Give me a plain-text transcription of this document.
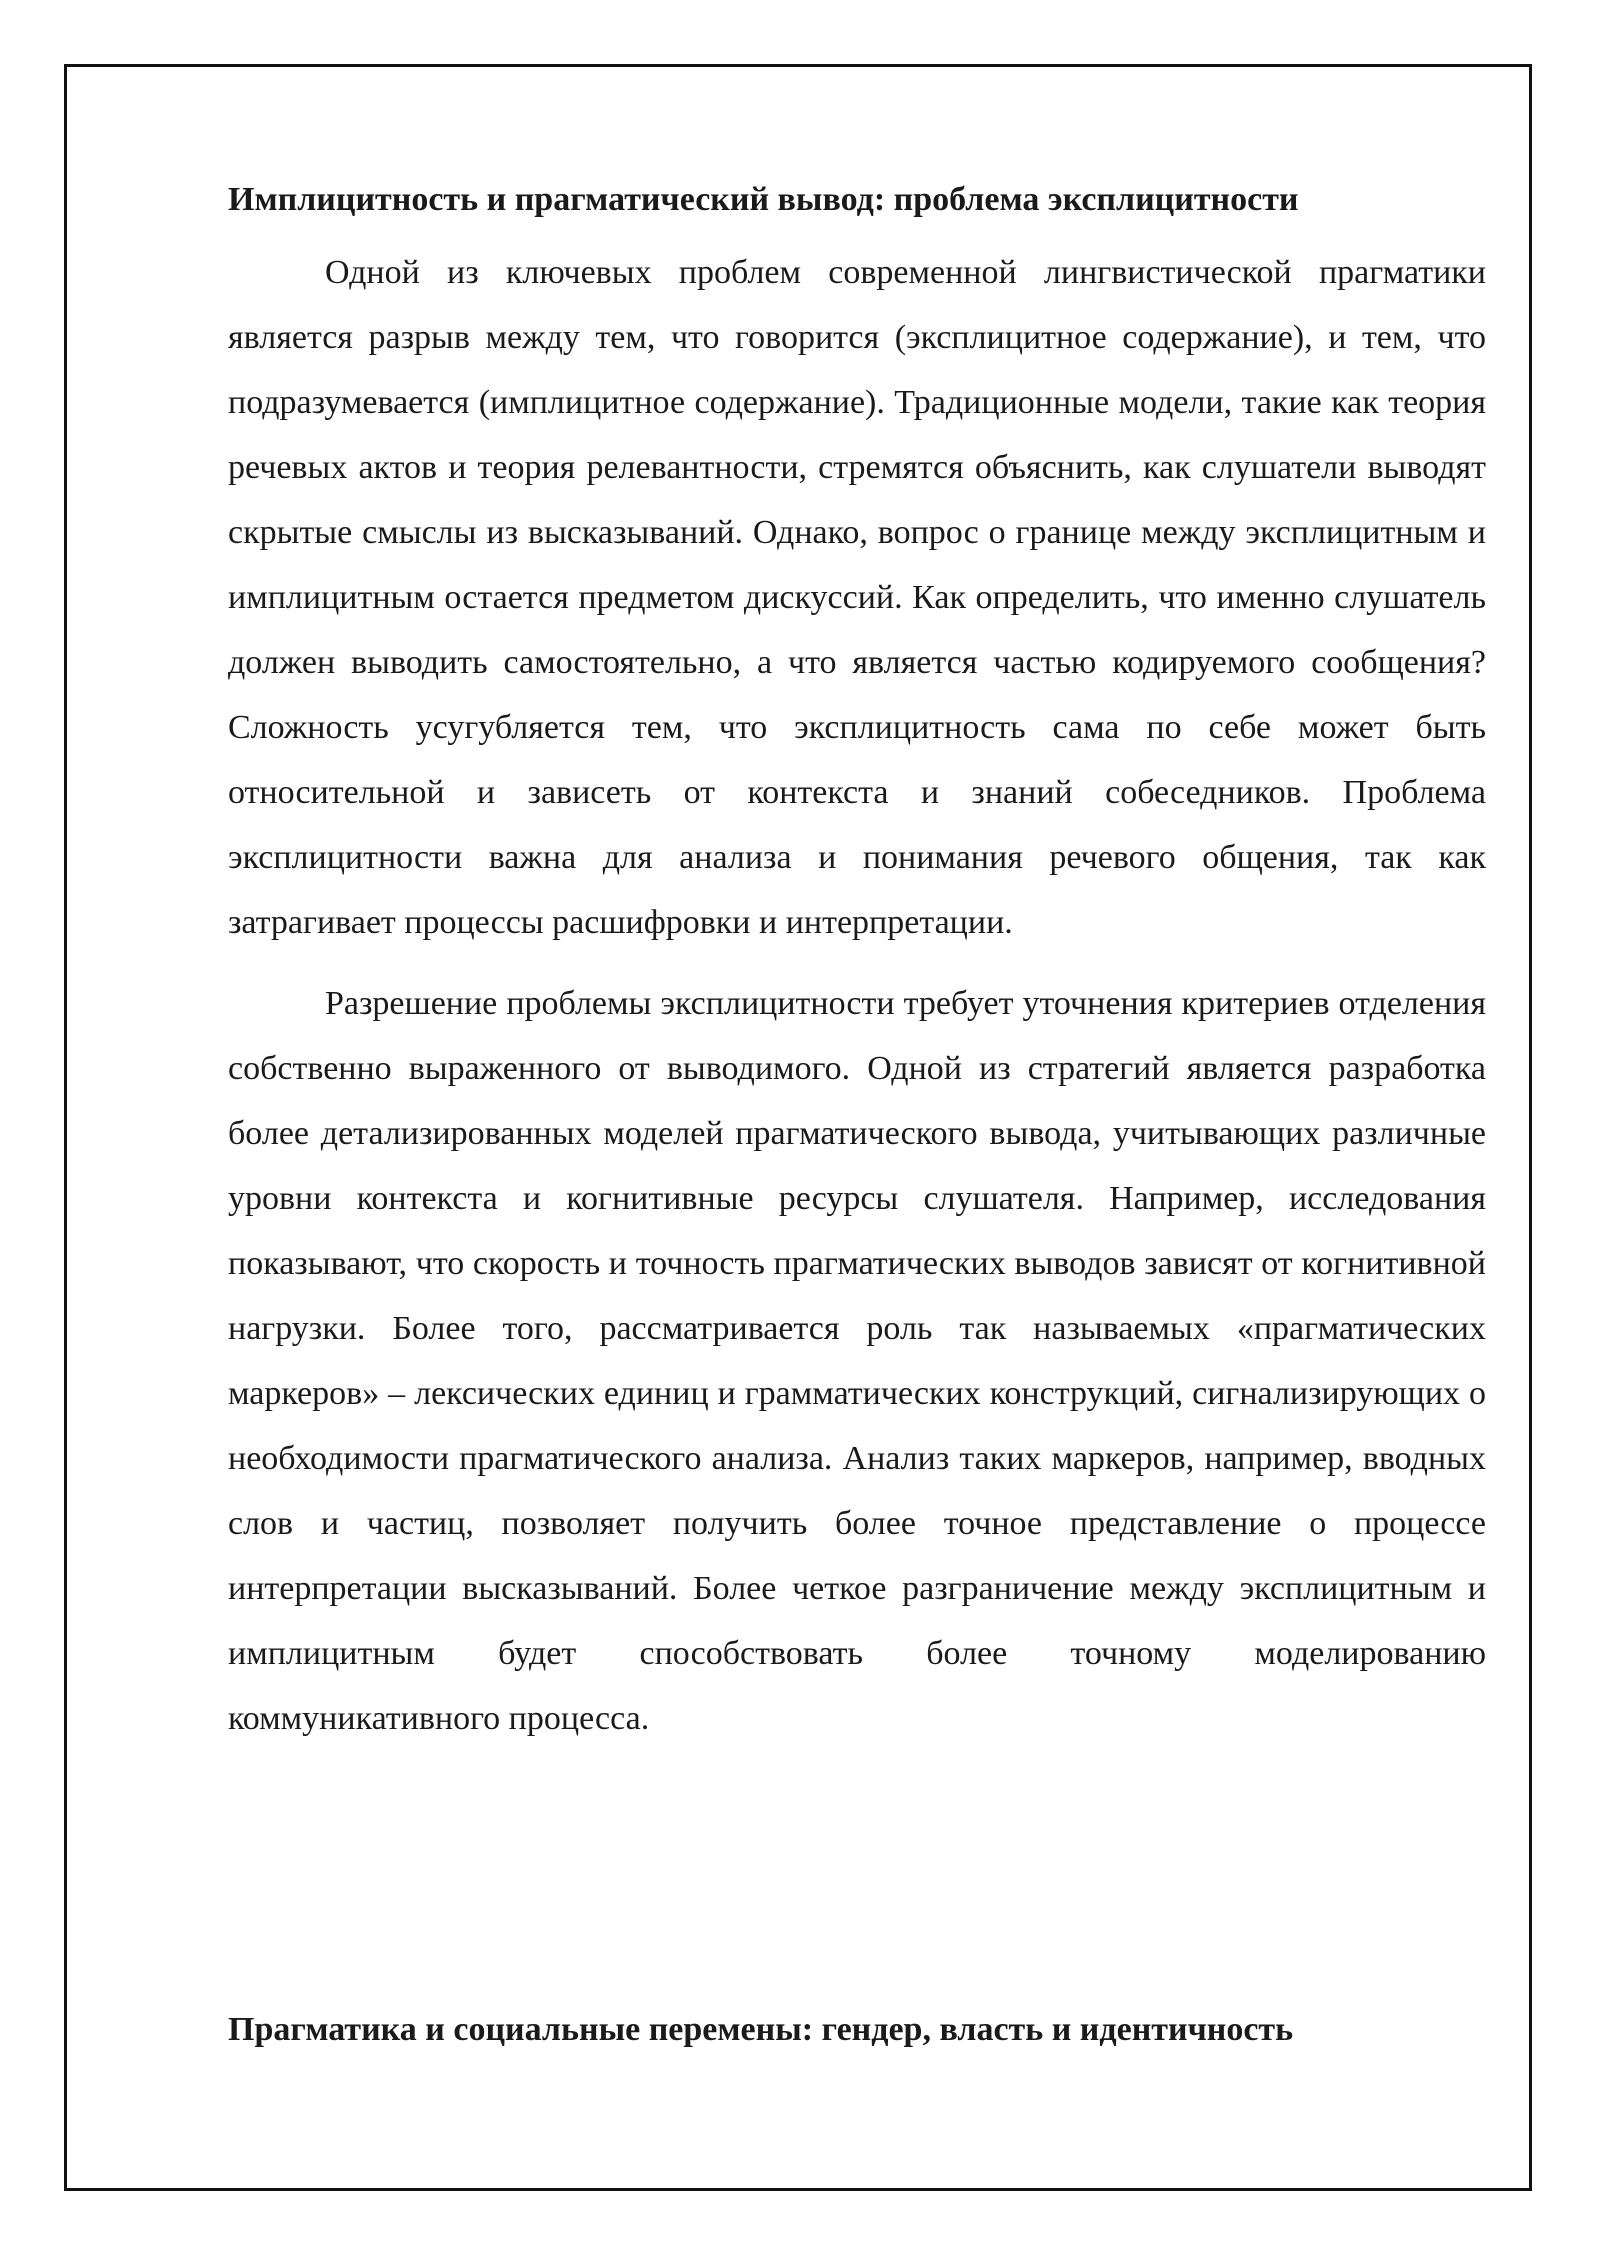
Имплицитность и прагматический вывод: проблема эксплицитности

Одной из ключевых проблем современной лингвистической прагматики является разрыв между тем, что говорится (эксплицитное содержание), и тем, что подразумевается (имплицитное содержание). Традиционные модели, такие как теория речевых актов и теория релевантности, стремятся объяснить, как слушатели выводят скрытые смыслы из высказываний. Однако, вопрос о границе между эксплицитным и имплицитным остается предметом дискуссий. Как определить, что именно слушатель должен выводить самостоятельно, а что является частью кодируемого сообщения? Сложность усугубляется тем, что эксплицитность сама по себе может быть относительной и зависеть от контекста и знаний собеседников. Проблема эксплицитности важна для анализа и понимания речевого общения, так как затрагивает процессы расшифровки и интерпретации.

Разрешение проблемы эксплицитности требует уточнения критериев отделения собственно выраженного от выводимого. Одной из стратегий является разработка более детализированных моделей прагматического вывода, учитывающих различные уровни контекста и когнитивные ресурсы слушателя. Например, исследования показывают, что скорость и точность прагматических выводов зависят от когнитивной нагрузки. Более того, рассматривается роль так называемых «прагматических маркеров» – лексических единиц и грамматических конструкций, сигнализирующих о необходимости прагматического анализа. Анализ таких маркеров, например, вводных слов и частиц, позволяет получить более точное представление о процессе интерпретации высказываний. Более четкое разграничение между эксплицитным и имплицитным будет способствовать более точному моделированию коммуникативного процесса.

Прагматика и социальные перемены: гендер, власть и идентичность
